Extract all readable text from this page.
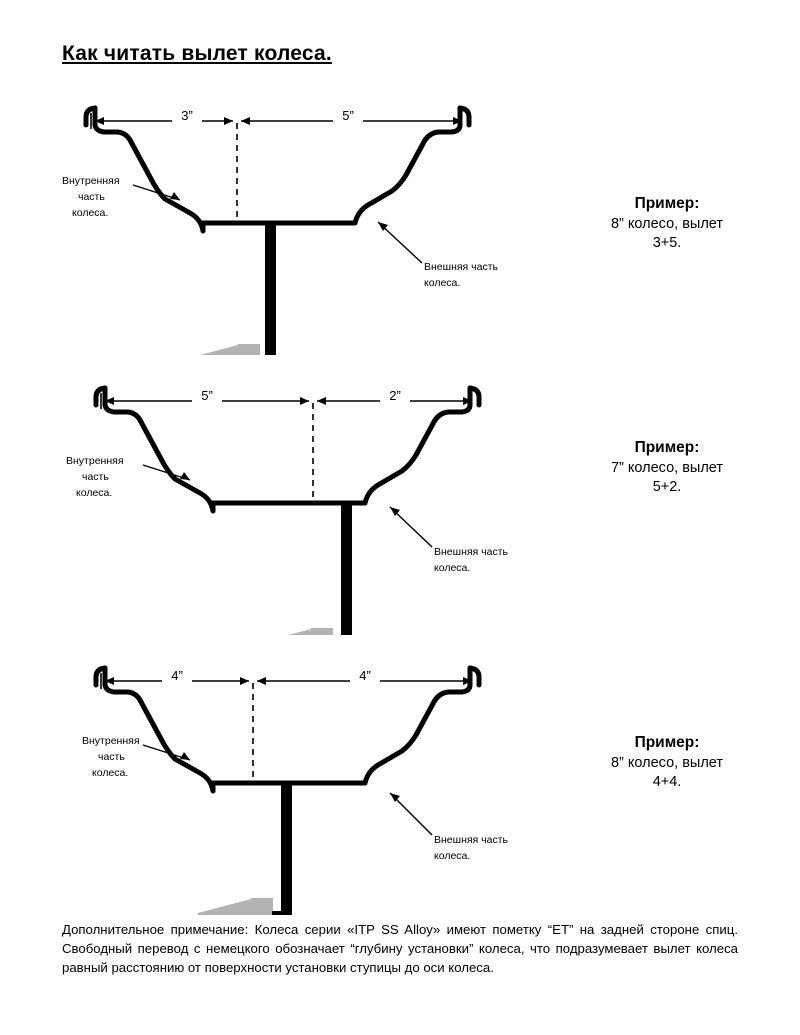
Как читать вылет колеса.
3”	5”
Ступица
Внутренняя
часть
колеса.
Внешняя часть
колеса.
Пример:
8” колесо, вылет
3+5.
5”	2”
Ступица
Внутренняя
часть
колеса.
Внешняя часть
колеса.
Пример:
7” колесо, вылет
5+2.
4”	4”
Ступица
Внутренняя
часть
колеса.
Внешняя часть
колеса.
Пример:
8” колесо, вылет
4+4.
Дополнительное примечание: Колеса серии «ITP SS Alloy» имеют пометку “ET” на задней стороне спиц. Свободный перевод с немецкого обозначает “глубину установки” колеса, что подразумевает вылет колеса равный расстоянию от поверхности установки ступицы до оси колеса.
